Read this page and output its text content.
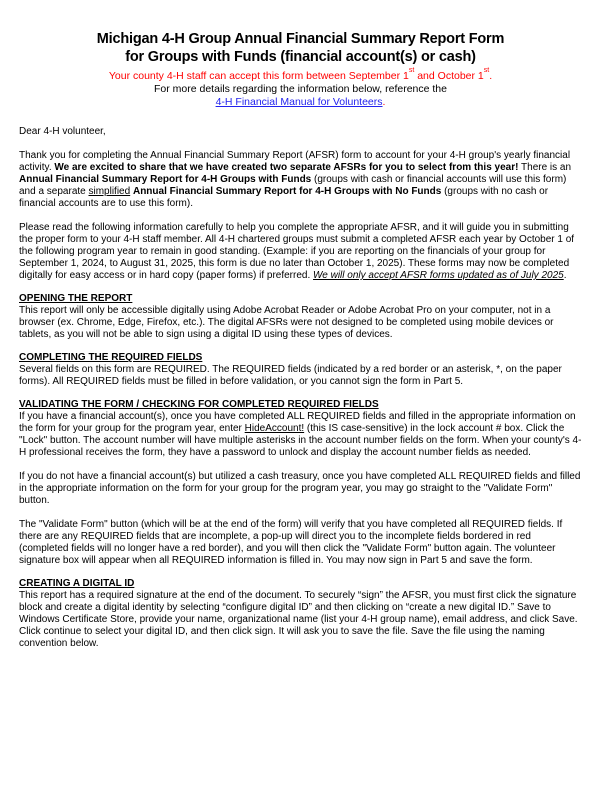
Michigan 4-H Group Annual Financial Summary Report Form
for Groups with Funds (financial account(s) or cash)
Your county 4-H staff can accept this form between September 1st and October 1st.
For more details regarding the information below, reference the
4-H Financial Manual for Volunteers.

Dear 4-H volunteer,

Thank you for completing the Annual Financial Summary Report (AFSR) form to account for your 4-H group's yearly financial activity. We are excited to share that we have created two separate AFSRs for you to select from this year! There is an Annual Financial Summary Report for 4-H Groups with Funds (groups with cash or financial accounts will use this form) and a separate simplified Annual Financial Summary Report for 4-H Groups with No Funds (groups with no cash or financial accounts are to use this form).

Please read the following information carefully to help you complete the appropriate AFSR, and it will guide you in submitting the proper form to your 4-H staff member. All 4-H chartered groups must submit a completed AFSR each year by October 1 of the following program year to remain in good standing. (Example: if you are reporting on the financials of your group for September 1, 2024, to August 31, 2025, this form is due no later than October 1, 2025). These forms may now be completed digitally for easy access or in hard copy (paper forms) if preferred. We will only accept AFSR forms updated as of July 2025.

OPENING THE REPORT

This report will only be accessible digitally using Adobe Acrobat Reader or Adobe Acrobat Pro on your computer, not in a browser (ex. Chrome, Edge, Firefox, etc.). The digital AFSRs were not designed to be completed using mobile devices or tablets, as you will not be able to sign using a digital ID using these types of devices.

COMPLETING THE REQUIRED FIELDS

Several fields on this form are REQUIRED. The REQUIRED fields (indicated by a red border or an asterisk, *, on the paper forms). All REQUIRED fields must be filled in before validation, or you cannot sign the form in Part 5.

VALIDATING THE FORM / CHECKING FOR COMPLETED REQUIRED FIELDS

If you have a financial account(s), once you have completed ALL REQUIRED fields and filled in the appropriate information on the form for your group for the program year, enter HideAccount! (this IS case-sensitive) in the lock account # box. Click the "Lock" button. The account number will have multiple asterisks in the account number fields on the form. When your county's 4-H professional receives the form, they have a password to unlock and display the account number fields as needed.

If you do not have a financial account(s) but utilized a cash treasury, once you have completed ALL REQUIRED fields and filled in the appropriate information on the form for your group for the program year, you may go straight to the "Validate Form" button.

The "Validate Form" button (which will be at the end of the form) will verify that you have completed all REQUIRED fields. If there are any REQUIRED fields that are incomplete, a pop-up will direct you to the incomplete fields bordered in red (completed fields will no longer have a red border), and you will then click the "Validate Form" button again. The volunteer signature box will appear when all REQUIRED information is filled in. You may now sign in Part 5 and save the form.

CREATING A DIGITAL ID

This report has a required signature at the end of the document. To securely “sign” the AFSR, you must first click the signature block and create a digital identity by selecting “configure digital ID” and then clicking on “create a new digital ID.” Save to Windows Certificate Store, provide your name, organizational name (list your 4-H group name), email address, and click Save. Click continue to select your digital ID, and then click sign. It will ask you to save the file. Save the file using the naming convention below.
